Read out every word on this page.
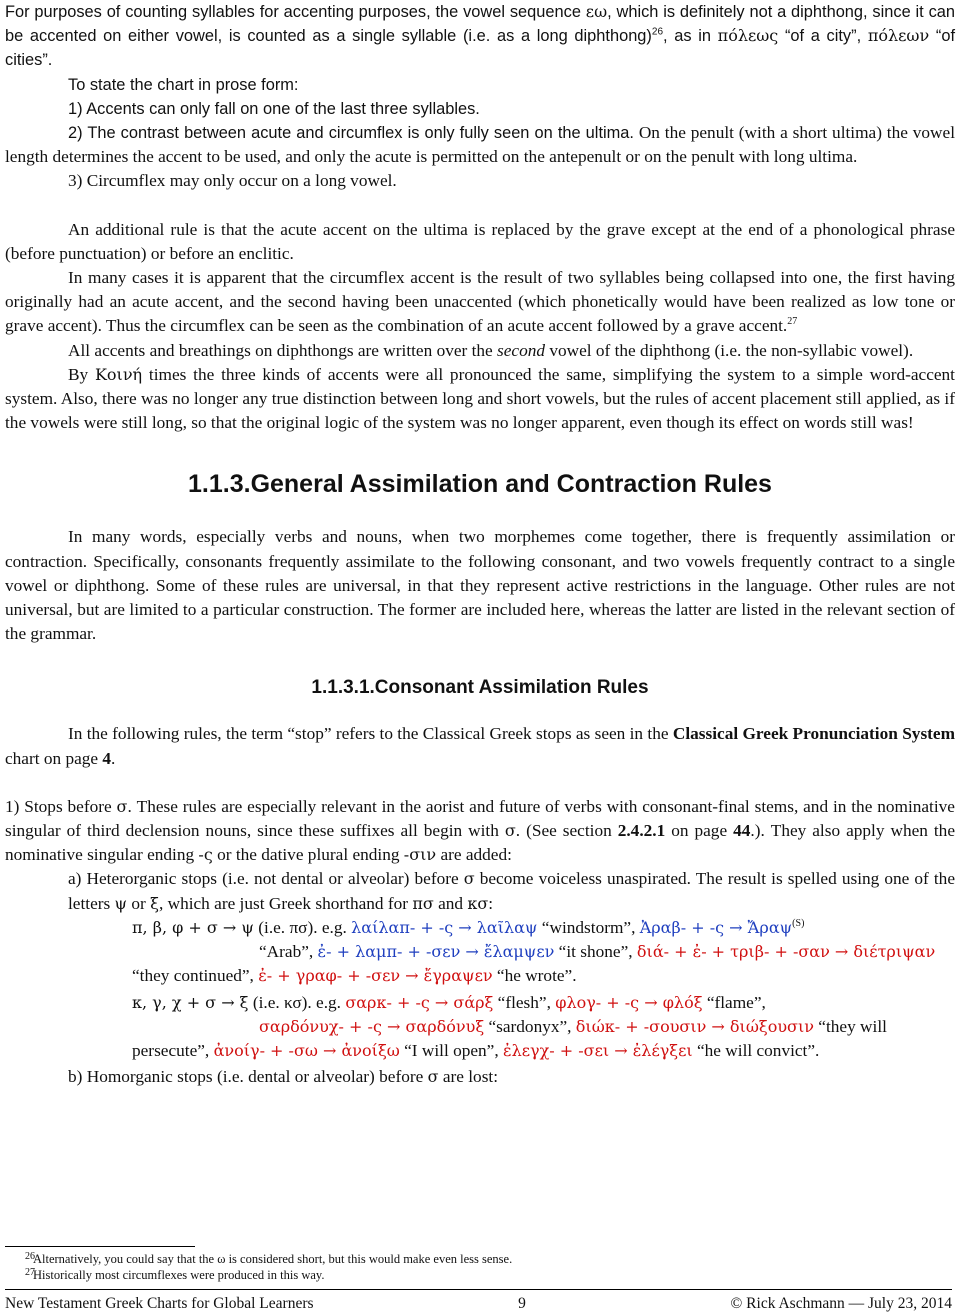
For purposes of counting syllables for accenting purposes, the vowel sequence εω, which is definitely not a diphthong, since it can be accented on either vowel, is counted as a single syllable (i.e. as a long diphthong)$^{26}$, as in πόλεως “of a city”, πόλεων “of cities”.

To state the chart in prose form:

1) Accents can only fall on one of the last three syllables.

2) The contrast between acute and circumflex is only fully seen on the ultima. On the penult (with a short ultima) the vowel length determines the accent to be used, and only the acute is permitted on the antepenult or on the penult with long ultima.

3) Circumflex may only occur on a long vowel.

An additional rule is that the acute accent on the ultima is replaced by the grave except at the end of a phonological phrase (before punctuation) or before an enclitic.

In many cases it is apparent that the circumflex accent is the result of two syllables being collapsed into one, the first having originally had an acute accent, and the second having been unaccented (which phonetically would have been realized as low tone or grave accent). Thus the circumflex can be seen as the combination of an acute accent followed by a grave accent.$^{27}$

All accents and breathings on diphthongs are written over the second vowel of the diphthong (i.e. the non-syllabic vowel).

By Κοινή times the three kinds of accents were all pronounced the same, simplifying the system to a simple word-accent system. Also, there was no longer any true distinction between long and short vowels, but the rules of accent placement still applied, as if the vowels were still long, so that the original logic of the system was no longer apparent, even though its effect on words still was!

1.1.3.General Assimilation and Contraction Rules

In many words, especially verbs and nouns, when two morphemes come together, there is frequently assimilation or contraction. Specifically, consonants frequently assimilate to the following consonant, and two vowels frequently contract to a single vowel or diphthong. Some of these rules are universal, in that they represent active restrictions in the language. Other rules are not universal, but are limited to a particular construction. The former are included here, whereas the latter are listed in the relevant section of the grammar.

1.1.3.1.Consonant Assimilation Rules

In the following rules, the term “stop” refers to the Classical Greek stops as seen in the Classical Greek Pronunciation System chart on page 4.

1) Stops before σ. These rules are especially relevant in the aorist and future of verbs with consonant-final stems, and in the nominative singular of third declension nouns, since these suffixes all begin with σ. (See section 2.4.2.1 on page 44.). They also apply when the nominative singular ending -ς or the dative plural ending -σιν are added:

a) Heterorganic stops (i.e. not dental or alveolar) before σ become voiceless unaspirated. The result is spelled using one of the letters ψ or ξ, which are just Greek shorthand for πσ and κσ:

π, β, φ + σ → ψ (i.e. πσ). e.g. λαίλαπ- + -ς → λαῖλαψ “windstorm”, Ἀραβ- + -ς → Ἄραψ$^{(S)}$
“Arab”, ἐ- + λαμπ- + -σεν → ἔλαμψεν “it shone”, διά- + ἐ- + τριβ- + -σαν → διέτριψαν “they continued”, ἐ- + γραφ- + -σεν → ἔγραψεν “he wrote”.

κ, γ, χ + σ → ξ (i.e. κσ). e.g. σαρκ- + -ς → σάρξ “flesh”, φλογ- + -ς → φλόξ “flame”,
σαρδόνυχ- + -ς → σαρδόνυξ “sardonyx”, διώκ- + -σουσιν → διώξουσιν “they will persecute”, ἀνοίγ- + -σω → ἀνοίξω “I will open”, ἐλεγχ- + -σει → ἐλέγξει “he will convict”.

b) Homorganic stops (i.e. dental or alveolar) before σ are lost:

26
Alternatively, you could say that the ω is considered short, but this would make even less sense.
27
Historically most circumflexes were produced in this way.
New Testament Greek Charts for Global Learners	9	© Rick Aschmann — July 23, 2014
